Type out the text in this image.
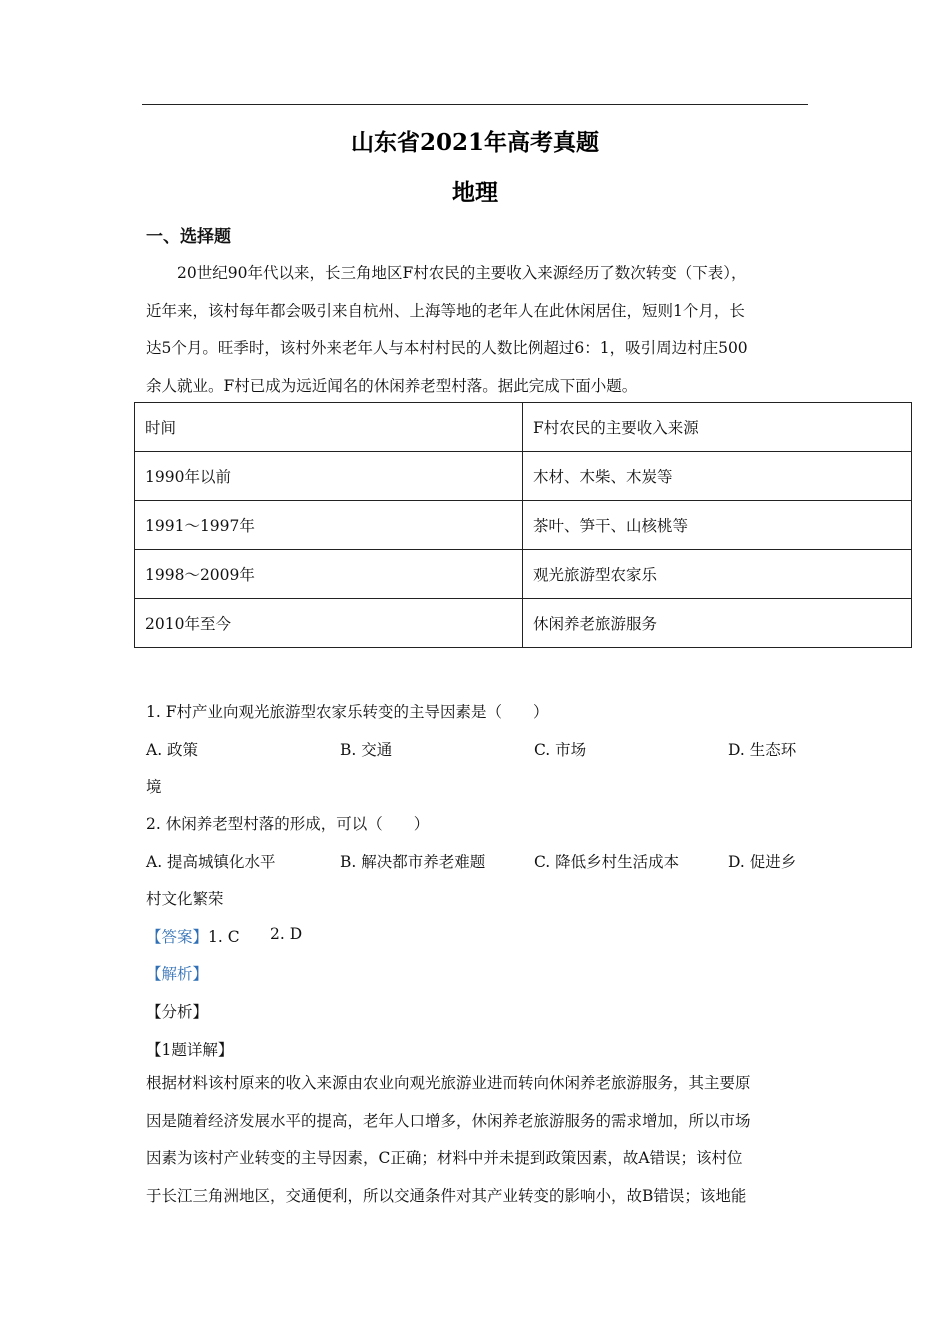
山东省2021年高考真题
地理
一、选择题
20世纪90年代以来，长三角地区F村农民的主要收入来源经历了数次转变（下表），
近年来，该村每年都会吸引来自杭州、上海等地的老年人在此休闲居住，短则1个月，长
达5个月。旺季时，该村外来老年人与本村村民的人数比例超过6：1，吸引周边村庄500
余人就业。F村已成为远近闻名的休闲养老型村落。据此完成下面小题。
时间	F村农民的主要收入来源
1990年以前	木材、木柴、木炭等
1991～1997年	茶叶、笋干、山核桃等
1998～2009年	观光旅游型农家乐
2010年至今	休闲养老旅游服务
1. F村产业向观光旅游型农家乐转变的主导因素是（　　）
A. 政策	B. 交通	C. 市场	D. 生态环
境
2. 休闲养老型村落的形成，可以（　　）
A. 提高城镇化水平	B. 解决都市养老难题	C. 降低乡村生活成本	D. 促进乡
村文化繁荣
【答案】1. C 2. D
【解析】
【分析】
【1题详解】
根据材料该村原来的收入来源由农业向观光旅游业进而转向休闲养老旅游服务，其主要原
因是随着经济发展水平的提高，老年人口增多，休闲养老旅游服务的需求增加，所以市场
因素为该村产业转变的主导因素，C正确；材料中并未提到政策因素，故A错误；该村位
于长江三角洲地区，交通便利，所以交通条件对其产业转变的影响小，故B错误；该地能
